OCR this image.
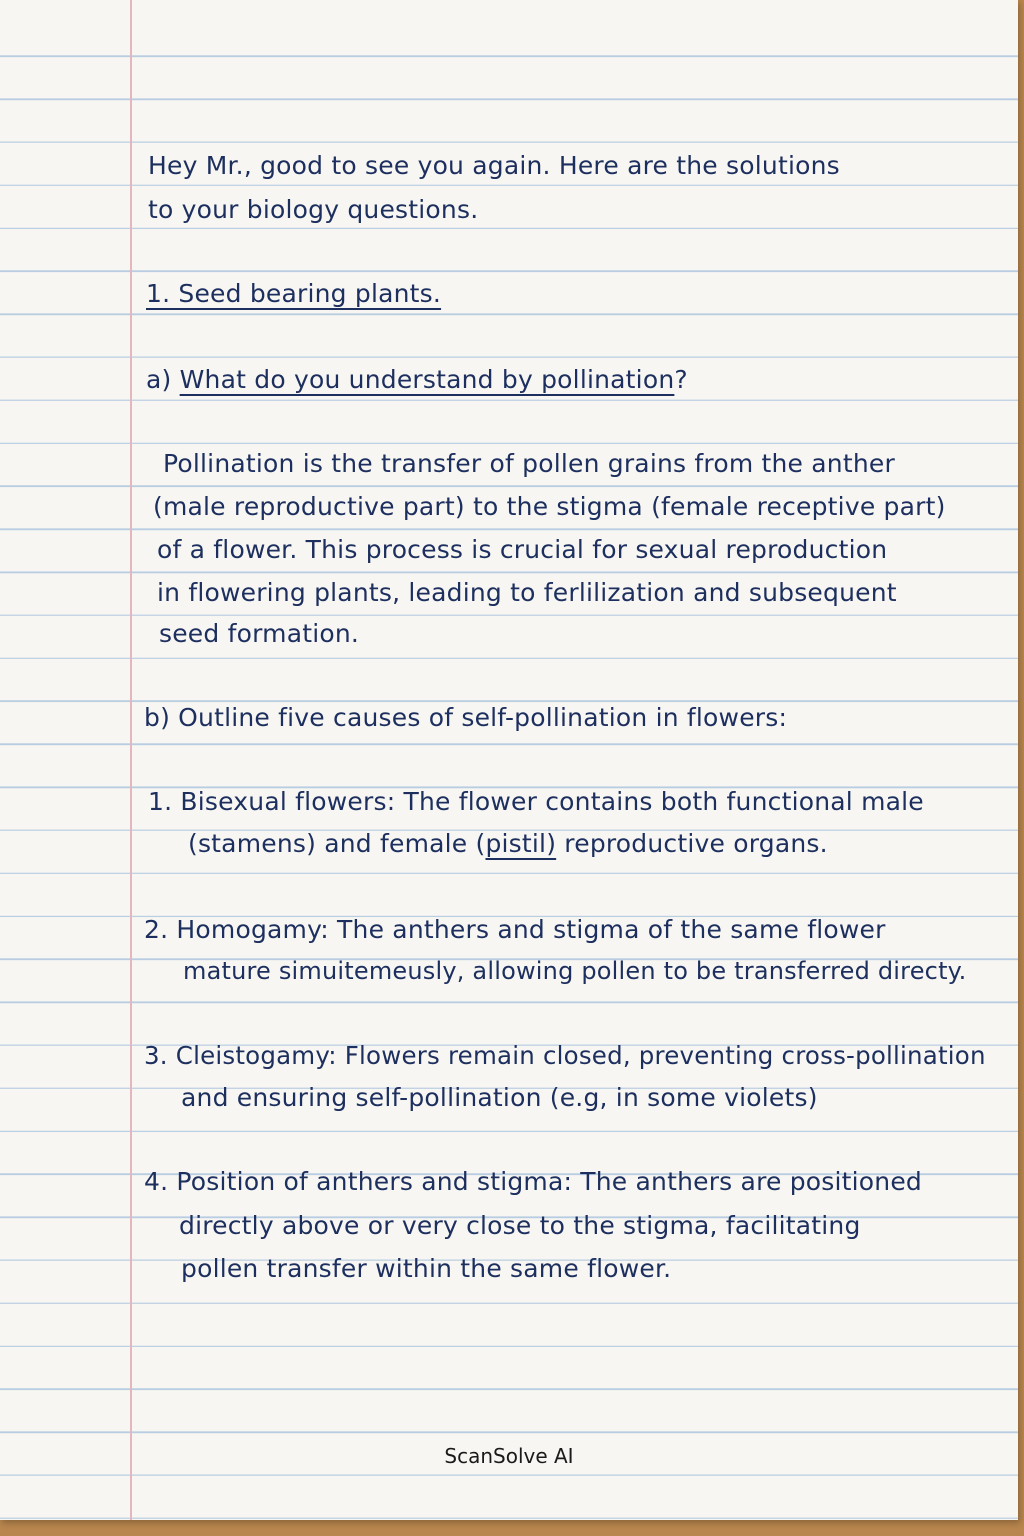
Hey Mr., good to see you again. Here are the solutions
to your biology questions.
1. Seed bearing plants.
a) What do you understand by pollination?
Pollination is the transfer of pollen grains from the anther
(male reproductive part) to the stigma (female receptive part)
of a flower. This process is crucial for sexual reproduction
in flowering plants, leading to ferlilization and subsequent
seed formation.
b) Outline five causes of self-pollination in flowers:
1. Bisexual flowers: The flower contains both functional male
(stamens) and female (pistil) reproductive organs.
2. Homogamy: The anthers and stigma of the same flower
mature simuitemeusly, allowing pollen to be transferred directy.
3. Cleistogamy: Flowers remain closed, preventing cross-pollination
and ensuring self-pollination (e.g, in some violets)
4. Position of anthers and stigma: The anthers are positioned
directly above or very close to the stigma, facilitating
pollen transfer within the same flower.
ScanSolve AI
